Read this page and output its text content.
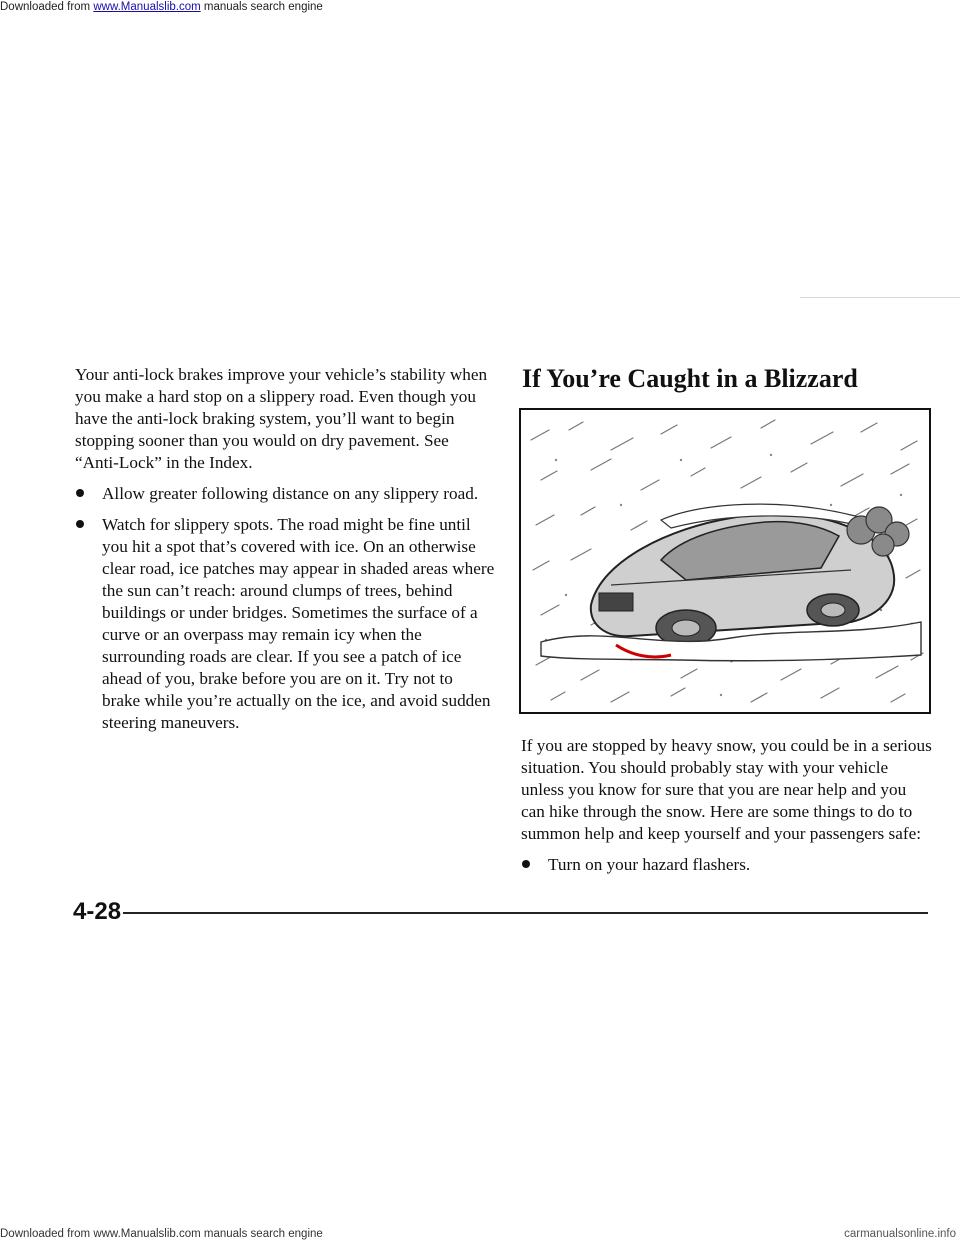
Downloaded from www.Manualslib.com manuals search engine

Your anti-lock brakes improve your vehicle’s stability when you make a hard stop on a slippery road. Even though you have the anti-lock braking system, you’ll want to begin stopping sooner than you would on dry pavement. See “Anti-Lock” in the Index.

Allow greater following distance on any slippery road.
Watch for slippery spots. The road might be fine until you hit a spot that’s covered with ice. On an otherwise clear road, ice patches may appear in shaded areas where the sun can’t reach: around clumps of trees, behind buildings or under bridges. Sometimes the surface of a curve or an overpass may remain icy when the surrounding roads are clear. If you see a patch of ice ahead of you, brake before you are on it. Try not to brake while you’re actually on the ice, and avoid sudden steering maneuvers.
If You’re Caught in a Blizzard

If you are stopped by heavy snow, you could be in a serious situation. You should probably stay with your vehicle unless you know for sure that you are near help and you can hike through the snow. Here are some things to do to summon help and keep yourself and your passengers safe:

Turn on your hazard flashers.
4-28
Downloaded from www.Manualslib.com manuals search engine	carmanualsonline.info
